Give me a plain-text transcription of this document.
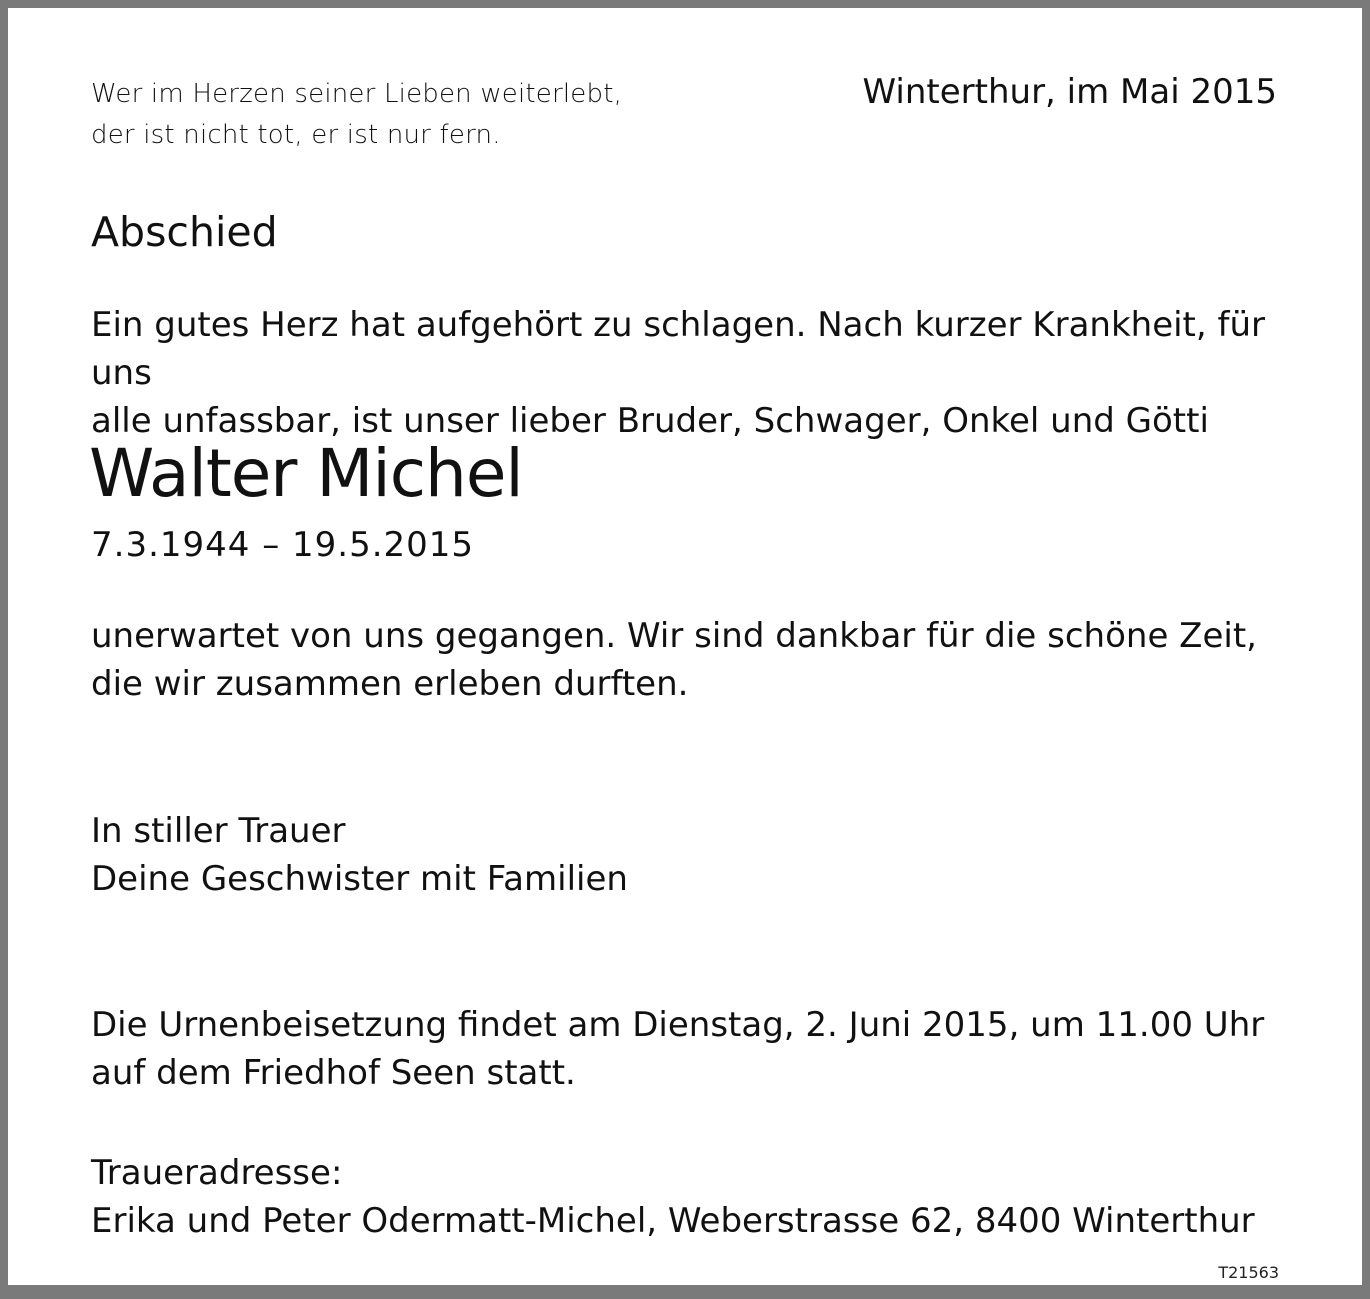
Wer im Herzen seiner Lieben weiterlebt,
der ist nicht tot, er ist nur fern.
Winterthur, im Mai 2015
Abschied
Ein gutes Herz hat aufgehört zu schlagen. Nach kurzer Krankheit, für uns
alle unfassbar, ist unser lieber Bruder, Schwager, Onkel und Götti
Walter Michel
7.3.1944 – 19.5.2015
unerwartet von uns gegangen. Wir sind dankbar für die schöne Zeit,
die wir zusammen erleben durften.
In stiller Trauer
Deine Geschwister mit Familien
Die Urnenbeisetzung findet am Dienstag, 2. Juni 2015, um 11.00 Uhr
auf dem Friedhof Seen statt.
Traueradresse:
Erika und Peter Odermatt-Michel, Weberstrasse 62, 8400 Winterthur
T21563
